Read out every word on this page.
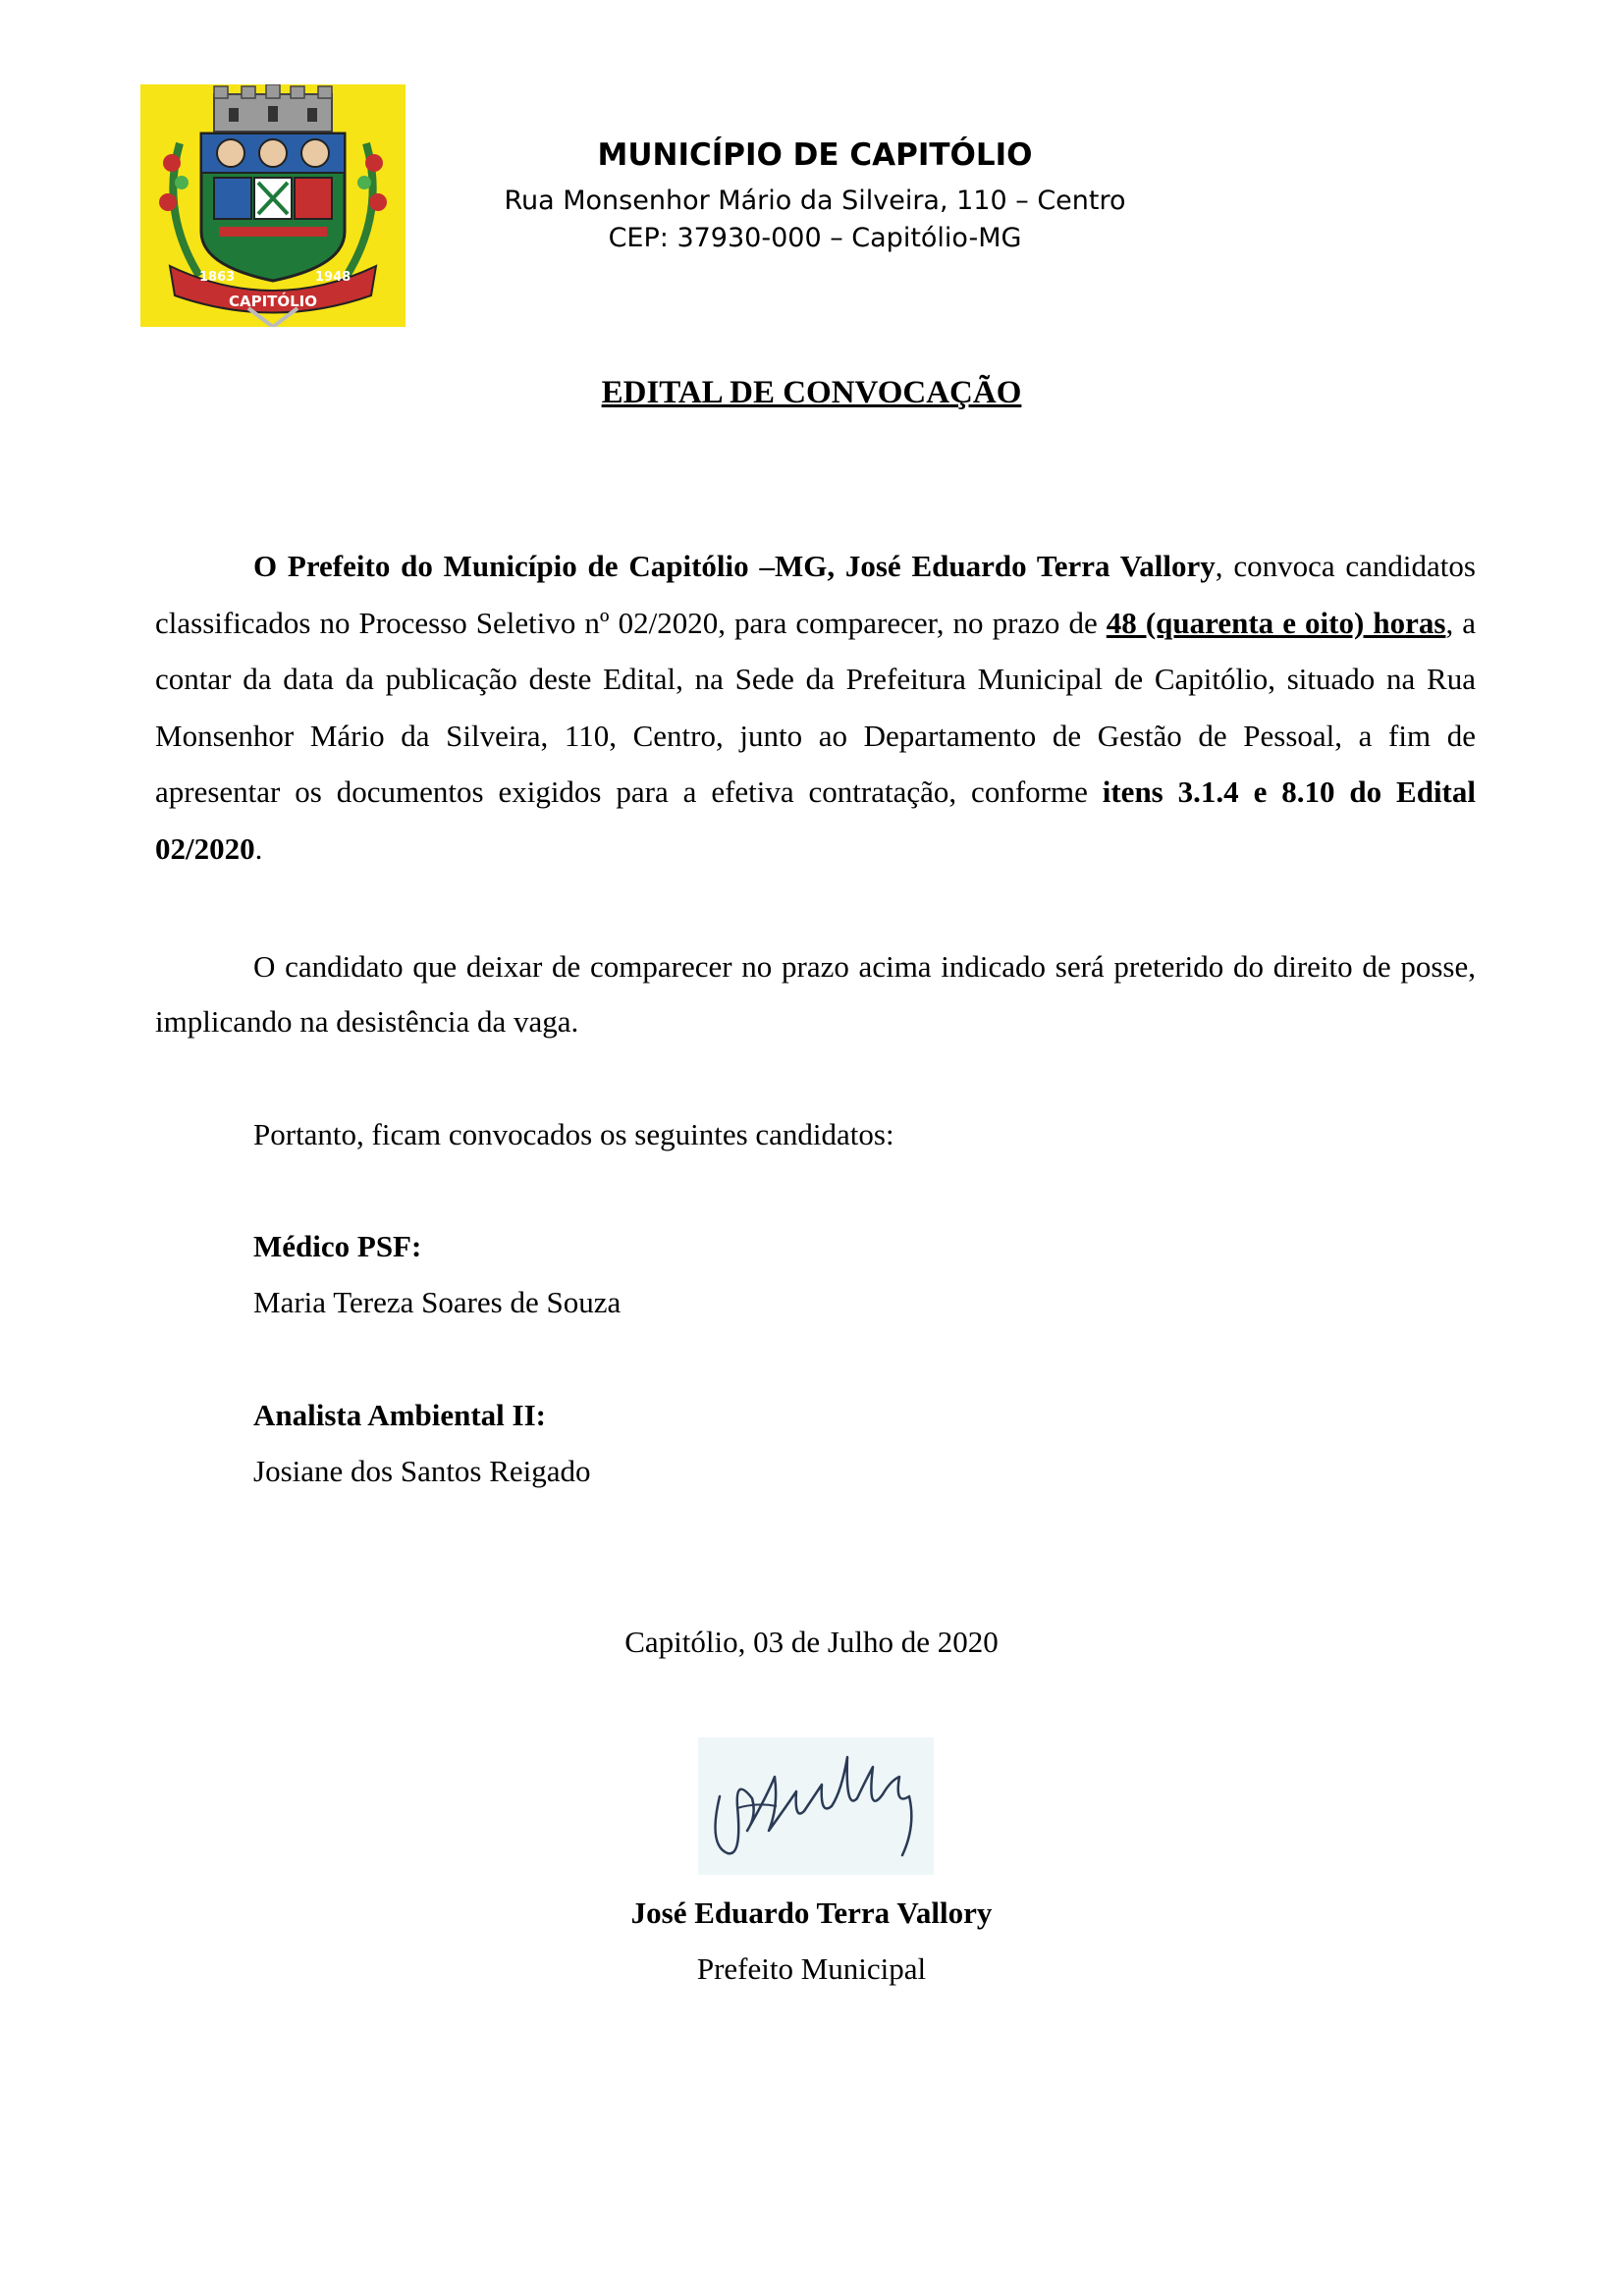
1863	1948
CAPITÓLIO
MUNICÍPIO DE CAPITÓLIO
Rua Monsenhor Mário da Silveira, 110 – Centro
CEP: 37930-000 – Capitólio-MG
EDITAL DE CONVOCAÇÃO
O Prefeito do Município de Capitólio –MG, José Eduardo Terra Vallory, convoca candidatos classificados no Processo Seletivo nº 02/2020, para comparecer, no prazo de 48 (quarenta e oito) horas, a contar da data da publicação deste Edital, na Sede da Prefeitura Municipal de Capitólio, situado na Rua Monsenhor Mário da Silveira, 110, Centro, junto ao Departamento de Gestão de Pessoal, a fim de apresentar os documentos exigidos para a efetiva contratação, conforme itens 3.1.4 e 8.10 do Edital 02/2020.
O candidato que deixar de comparecer no prazo acima indicado será preterido do direito de posse, implicando na desistência da vaga.
Portanto, ficam convocados os seguintes candidatos:
Médico PSF:
Maria Tereza Soares de Souza
Analista Ambiental II:
Josiane dos Santos Reigado
Capitólio, 03 de Julho de 2020
José Eduardo Terra Vallory
Prefeito Municipal
